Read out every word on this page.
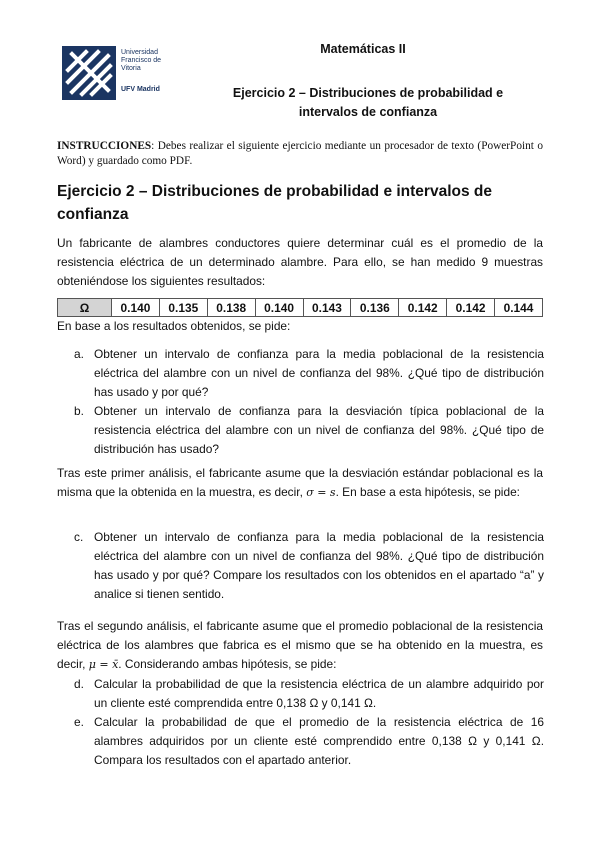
Universidad
Francisco de
Vitoria
UFV Madrid
Matemáticas II
Ejercicio 2 – Distribuciones de probabilidad e intervalos de confianza
INSTRUCCIONES: Debes realizar el siguiente ejercicio mediante un procesador de texto (PowerPoint o Word) y guardado como PDF.
Ejercicio 2 – Distribuciones de probabilidad e intervalos de confianza
Un fabricante de alambres conductores quiere determinar cuál es el promedio de la resistencia eléctrica de un determinado alambre. Para ello, se han medido 9 muestras obteniéndose los siguientes resultados:
Ω	0.140	0.135	0.138	0.140	0.143	0.136	0.142	0.142	0.144
En base a los resultados obtenidos, se pide:
a. Obtener un intervalo de confianza para la media poblacional de la resistencia eléctrica del alambre con un nivel de confianza del 98%. ¿Qué tipo de distribución has usado y por qué?
b. Obtener un intervalo de confianza para la desviación típica poblacional de la resistencia eléctrica del alambre con un nivel de confianza del 98%. ¿Qué tipo de distribución has usado?
Tras este primer análisis, el fabricante asume que la desviación estándar poblacional es la misma que la obtenida en la muestra, es decir, σ = s. En base a esta hipótesis, se pide:
c. Obtener un intervalo de confianza para la media poblacional de la resistencia eléctrica del alambre con un nivel de confianza del 98%. ¿Qué tipo de distribución has usado y por qué? Compare los resultados con los obtenidos en el apartado “a” y analice si tienen sentido.
Tras el segundo análisis, el fabricante asume que el promedio poblacional de la resistencia eléctrica de los alambres que fabrica es el mismo que se ha obtenido en la muestra, es decir, μ = x̄. Considerando ambas hipótesis, se pide:
d. Calcular la probabilidad de que la resistencia eléctrica de un alambre adquirido por un cliente esté comprendida entre 0,138 Ω y 0,141 Ω.
e. Calcular la probabilidad de que el promedio de la resistencia eléctrica de 16 alambres adquiridos por un cliente esté comprendido entre 0,138 Ω y 0,141 Ω. Compara los resultados con el apartado anterior.
